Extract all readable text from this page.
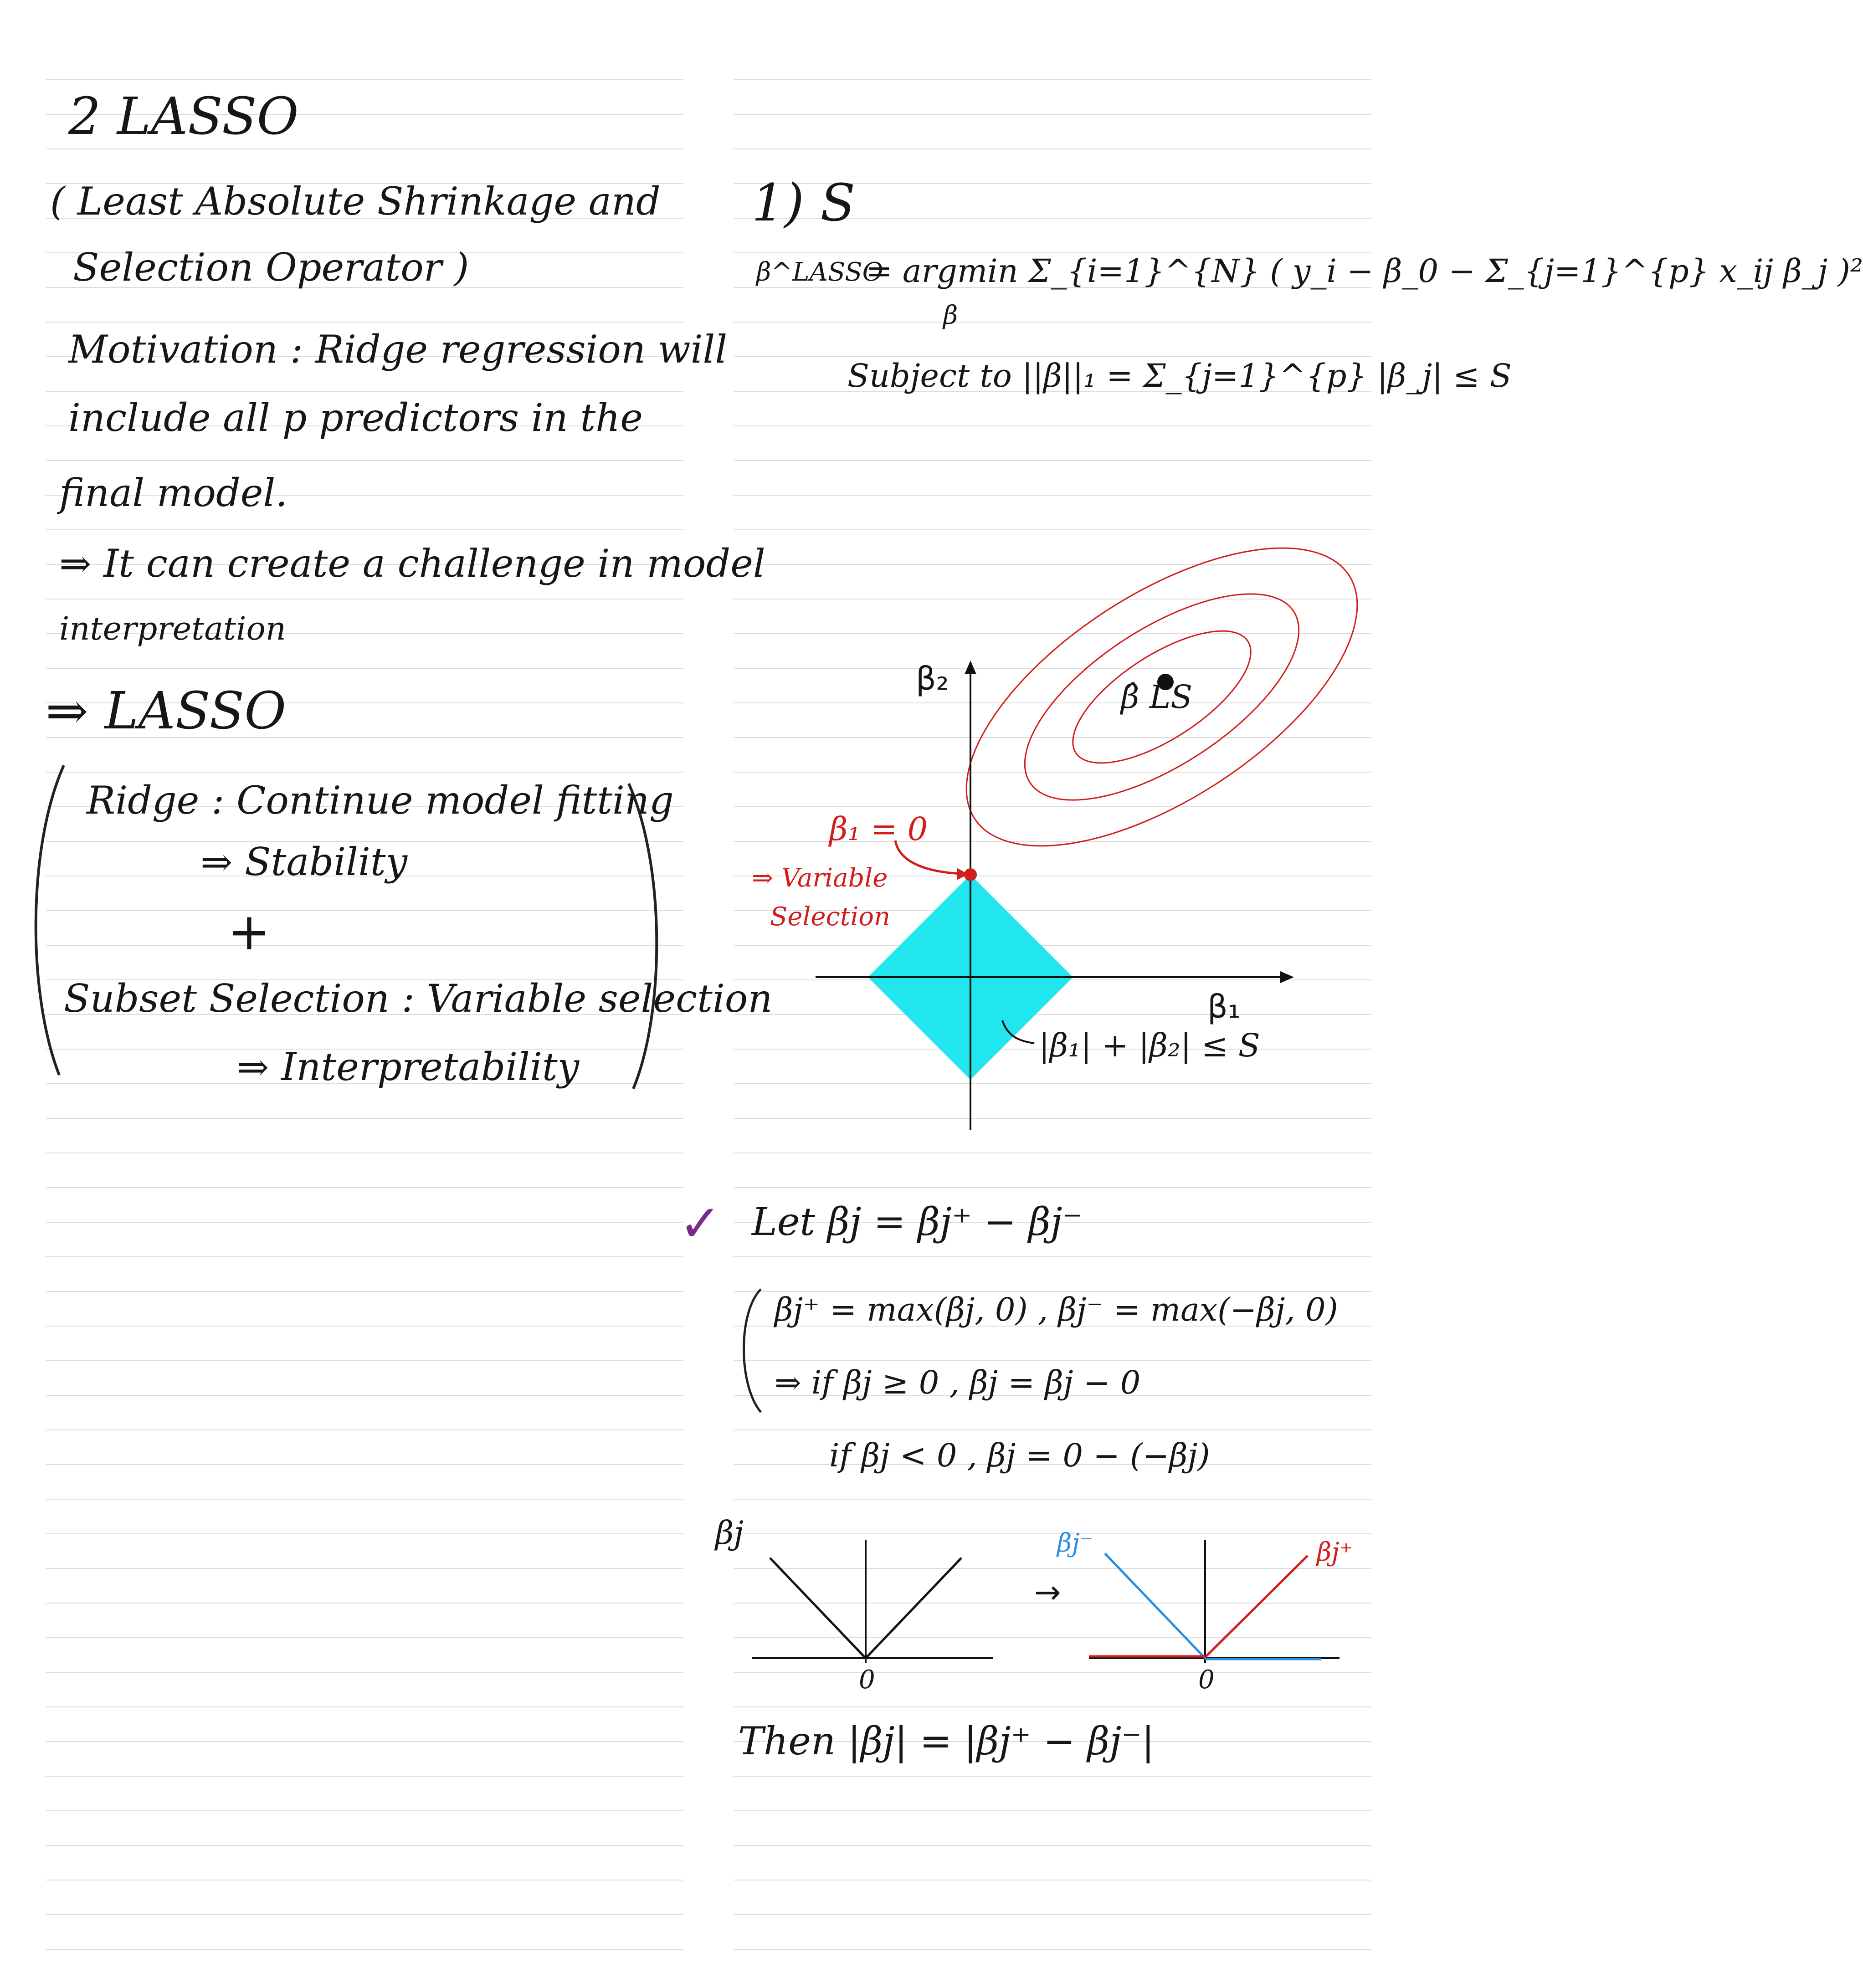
2 LASSO
( Least Absolute Shrinkage and
Selection Operator )
Motivation : Ridge regression will
include all p predictors in the
final model.
⇒ It can create a challenge in model
interpretation
⇒ LASSO
Ridge : Continue model fitting
⇒ Stability
+
Subset Selection : Variable selection
⇒ Interpretability
1) S
β^LASSO
= argmin Σ_{i=1}^{N} ( y_i − β_0 − Σ_{j=1}^{p} x_ij β_j )²
β
Subject to ||β||₁ = Σ_{j=1}^{p} |β_j| ≤ S
β₂
β₁
β̂ LS
β₁ = 0
⇒ Variable
Selection
|β₁| + |β₂| ≤ S
✓ Let βj = βj⁺ − βj⁻
βj⁺ = max(βj, 0) , βj⁻ = max(−βj, 0)
⇒ if βj ≥ 0 , βj = βj − 0
if βj < 0 , βj = 0 − (−βj)
βj
0
→
βj⁻	βj⁺
0
Then |βj| = |βj⁺ − βj⁻|
